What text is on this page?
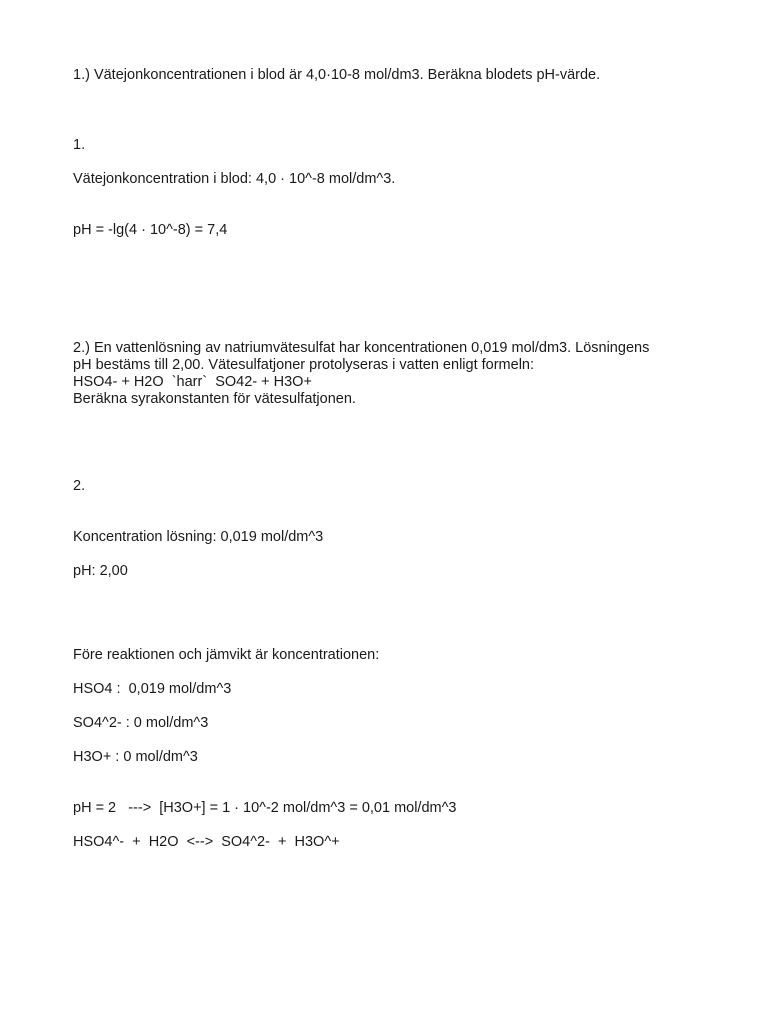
1.) Vätejonkoncentrationen i blod är 4,0·10-8 mol/dm3. Beräkna blodets pH-värde.
1.
Vätejonkoncentration i blod: 4,0 · 10^-8 mol/dm^3.
pH = -lg(4 · 10^-8) = 7,4
2.) En vattenlösning av natriumvätesulfat har koncentrationen 0,019 mol/dm3. Lösningens
pH bestäms till 2,00. Vätesulfatjoner protolyseras i vatten enligt formeln:
HSO4- + H2O  `harr`  SO42- + H3O+
Beräkna syrakonstanten för vätesulfatjonen.
2.
Koncentration lösning: 0,019 mol/dm^3
pH: 2,00
Före reaktionen och jämvikt är koncentrationen:
HSO4 :  0,019 mol/dm^3
SO4^2- : 0 mol/dm^3
H3O+ : 0 mol/dm^3
pH = 2   --->  [H3O+] = 1 · 10^-2 mol/dm^3 = 0,01 mol/dm^3
HSO4^-  +  H2O  <-->  SO4^2-  +  H3O^+
